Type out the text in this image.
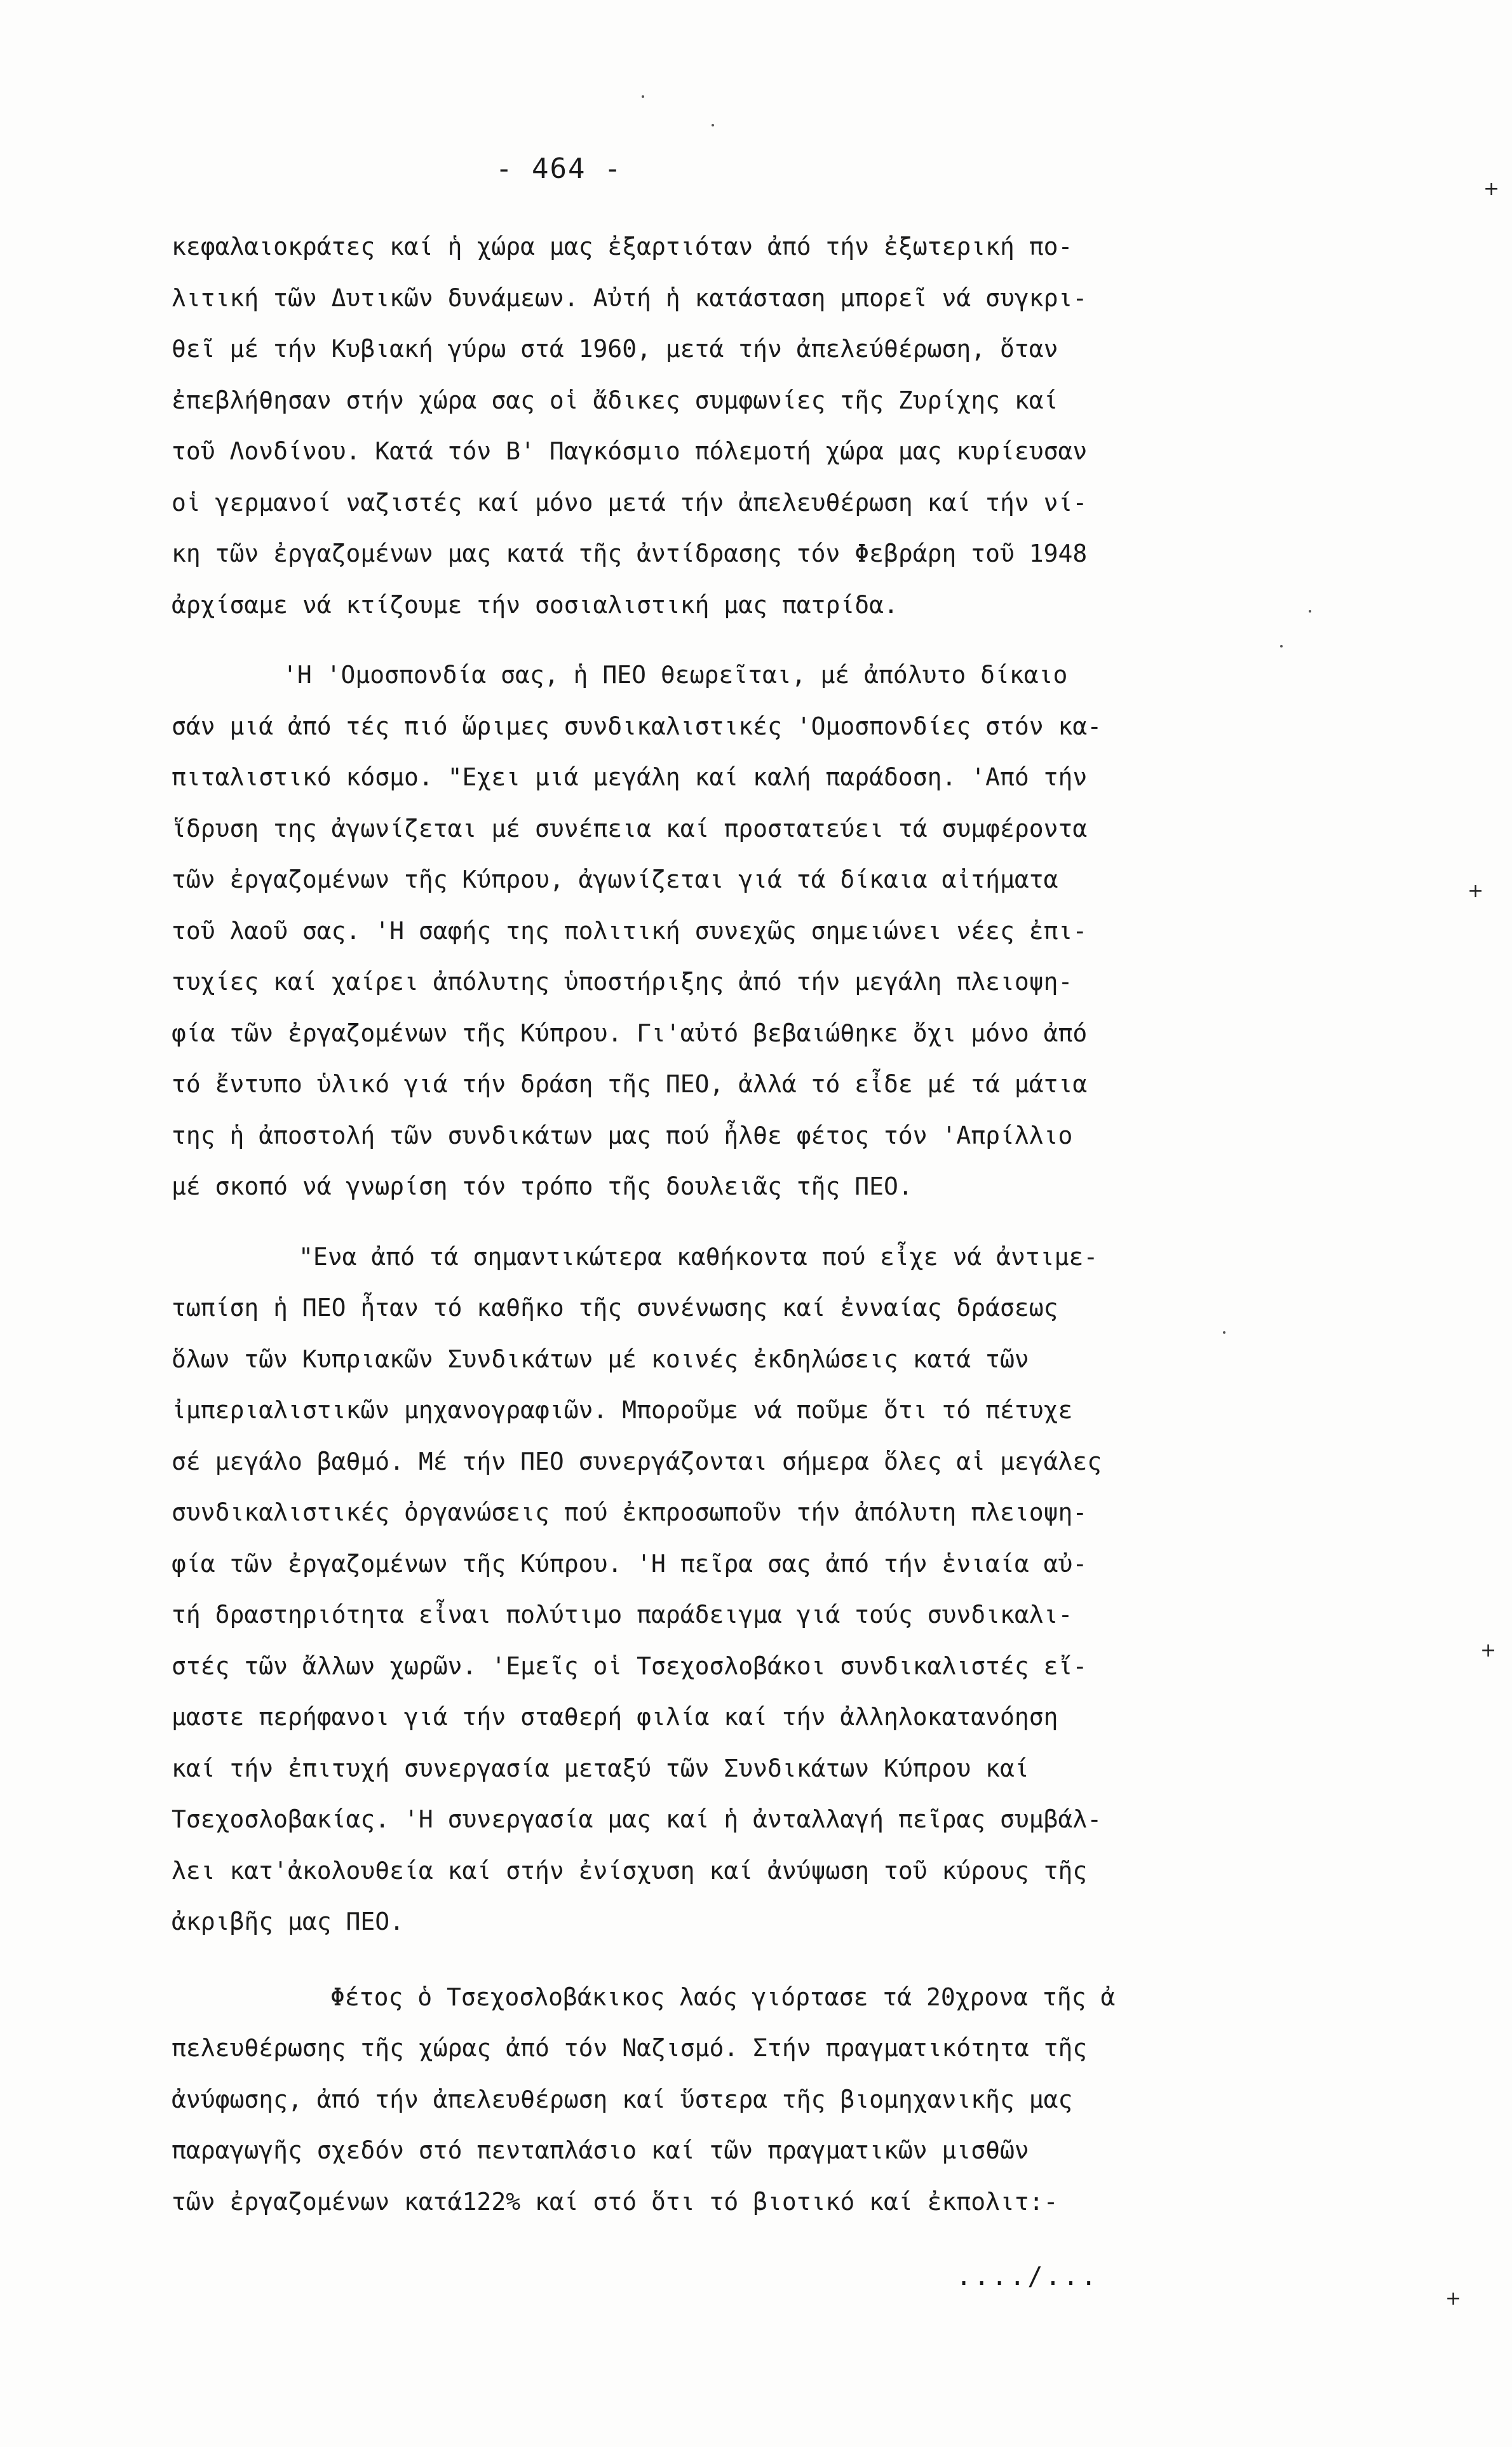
- 464 -
κεφαλαιοκράτες καί ἡ χώρα μας ἐξαρτιόταν ἀπό τήν ἐξωτερική πο-
λιτική τῶν Δυτικῶν δυνάμεων. Αὐτή ἡ κατάσταση μπορεῖ νά συγκρι-
θεῖ μέ τήν Κυβιακή γύρω στά 1960, μετά τήν ἀπελεύθέρωση, ὅταν
ἐπεβλήθησαν στήν χώρα σας οἱ ἄδικες συμφωνίες τῆς Ζυρίχης καί
τοῦ Λονδίνου. Κατά τόν Β' Παγκόσμιο πόλεμοτή χώρα μας κυρίευσαν
οἱ γερμανοί ναζιστές καί μόνο μετά τήν ἀπελευθέρωση καί τήν νί-
κη τῶν ἐργαζομένων μας κατά τῆς ἀντίδρασης τόν Φεβράρη τοῦ 1948
ἀρχίσαμε νά κτίζουμε τήν σοσιαλιστική μας πατρίδα.
'Η 'Ομοσπονδία σας, ἡ ΠΕΟ θεωρεῖται, μέ ἀπόλυτο δίκαιο
σάν μιά ἀπό τές πιό ὥριμες συνδικαλιστικές 'Ομοσπονδίες στόν κα-
πιταλιστικό κόσμο. "Εχει μιά μεγάλη καί καλή παράδοση. 'Από τήν
ἵδρυση της ἀγωνίζεται μέ συνέπεια καί προστατεύει τά συμφέροντα
τῶν ἐργαζομένων τῆς Κύπρου, ἀγωνίζεται γιά τά δίκαια αἰτήματα
τοῦ λαοῦ σας. 'Η σαφής της πολιτική συνεχῶς σημειώνει νέες ἐπι-
τυχίες καί χαίρει ἀπόλυτης ὑποστήριξης ἀπό τήν μεγάλη πλειοψη-
φία τῶν ἐργαζομένων τῆς Κύπρου. Γι'αὐτό βεβαιώθηκε ὄχι μόνο ἀπό
τό ἔντυπο ὑλικό γιά τήν δράση τῆς ΠΕΟ, ἀλλά τό εἶδε μέ τά μάτια
της ἡ ἀποστολή τῶν συνδικάτων μας πού ἦλθε φέτος τόν 'Απρίλλιο
μέ σκοπό νά γνωρίση τόν τρόπο τῆς δουλειᾶς τῆς ΠΕΟ.
"Ενα ἀπό τά σημαντικώτερα καθήκοντα πού εἶχε νά ἀντιμε-
τωπίση ἡ ΠΕΟ ἦταν τό καθῆκο τῆς συνένωσης καί ἐνναίας δράσεως
ὅλων τῶν Κυπριακῶν Συνδικάτων μέ κοινές ἐκδηλώσεις κατά τῶν
ἰμπεριαλιστικῶν μηχανογραφιῶν. Μποροῦμε νά ποῦμε ὅτι τό πέτυχε
σέ μεγάλο βαθμό. Μέ τήν ΠΕΟ συνεργάζονται σήμερα ὅλες αἱ μεγάλες
συνδικαλιστικές ὀργανώσεις πού ἐκπροσωποῦν τήν ἀπόλυτη πλειοψη-
φία τῶν ἐργαζομένων τῆς Κύπρου. 'Η πεῖρα σας ἀπό τήν ἑνιαία αὐ-
τή δραστηριότητα εἶναι πολύτιμο παράδειγμα γιά τούς συνδικαλι-
στές τῶν ἄλλων χωρῶν. 'Εμεῖς οἱ Τσεχοσλοβάκοι συνδικαλιστές εἴ-
μαστε περήφανοι γιά τήν σταθερή φιλία καί τήν ἀλληλοκατανόηση
καί τήν ἐπιτυχή συνεργασία μεταξύ τῶν Συνδικάτων Κύπρου καί
Τσεχοσλοβακίας. 'Η συνεργασία μας καί ἡ ἀνταλλαγή πεῖρας συμβάλ-
λει κατ'ἀκολουθεία καί στήν ἐνίσχυση καί ἀνύψωση τοῦ κύρους τῆς
ἀκριβῆς μας ΠΕΟ.
Φέτος ὁ Τσεχοσλοβάκικος λαός γιόρτασε τά 20χρονα τῆς ἀ
πελευθέρωσης τῆς χώρας ἀπό τόν Ναζισμό. Στήν πραγματικότητα τῆς
ἀνύφωσης, ἀπό τήν ἀπελευθέρωση καί ὕστερα τῆς βιομηχανικῆς μας
παραγωγῆς σχεδόν στό πενταπλάσιο καί τῶν πραγματικῶν μισθῶν
τῶν ἐργαζομένων κατά122% καί στό ὅτι τό βιοτικό καί ἐκπολιτ:-
..../...
+
+
+
+
